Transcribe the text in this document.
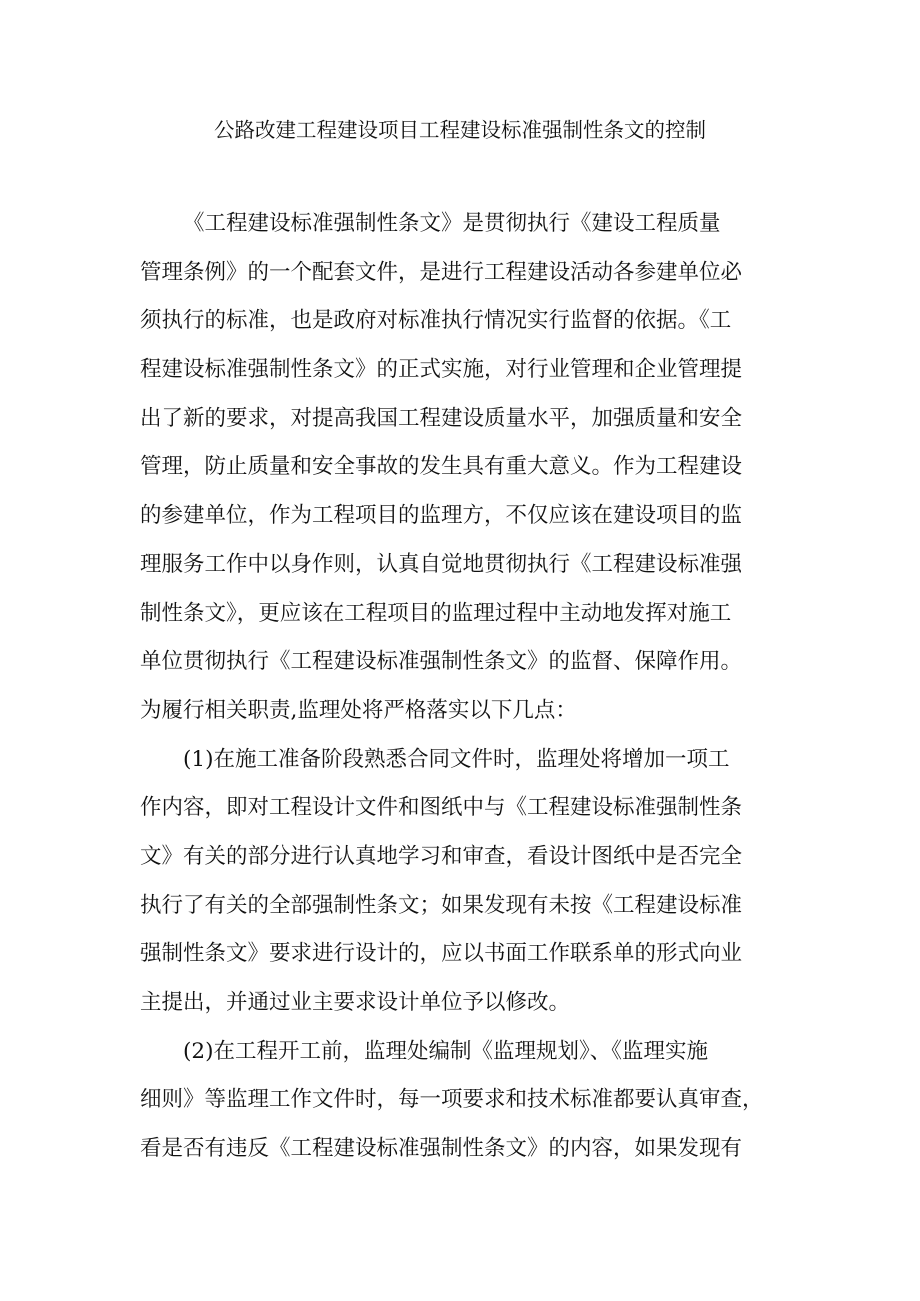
公路改建工程建设项目工程建设标准强制性条文的控制
《工程建设标准强制性条文》是贯彻执行《建设工程质量
管理条例》的一个配套文件，是进行工程建设活动各参建单位必
须执行的标准，也是政府对标准执行情况实行监督的依据。《工
程建设标准强制性条文》的正式实施，对行业管理和企业管理提
出了新的要求，对提高我国工程建设质量水平，加强质量和安全
管理，防止质量和安全事故的发生具有重大意义。作为工程建设
的参建单位，作为工程项目的监理方，不仅应该在建设项目的监
理服务工作中以身作则，认真自觉地贯彻执行《工程建设标准强
制性条文》，更应该在工程项目的监理过程中主动地发挥对施工
单位贯彻执行《工程建设标准强制性条文》的监督、保障作用。
为履行相关职责,监理处将严格落实以下几点：
(1)在施工准备阶段熟悉合同文件时，监理处将增加一项工
作内容，即对工程设计文件和图纸中与《工程建设标准强制性条
文》有关的部分进行认真地学习和审查，看设计图纸中是否完全
执行了有关的全部强制性条文；如果发现有未按《工程建设标准
强制性条文》要求进行设计的，应以书面工作联系单的形式向业
主提出，并通过业主要求设计单位予以修改。
(2)在工程开工前，监理处编制《监理规划》、《监理实施
细则》等监理工作文件时，每一项要求和技术标准都要认真审查，
看是否有违反《工程建设标准强制性条文》的内容，如果发现有
